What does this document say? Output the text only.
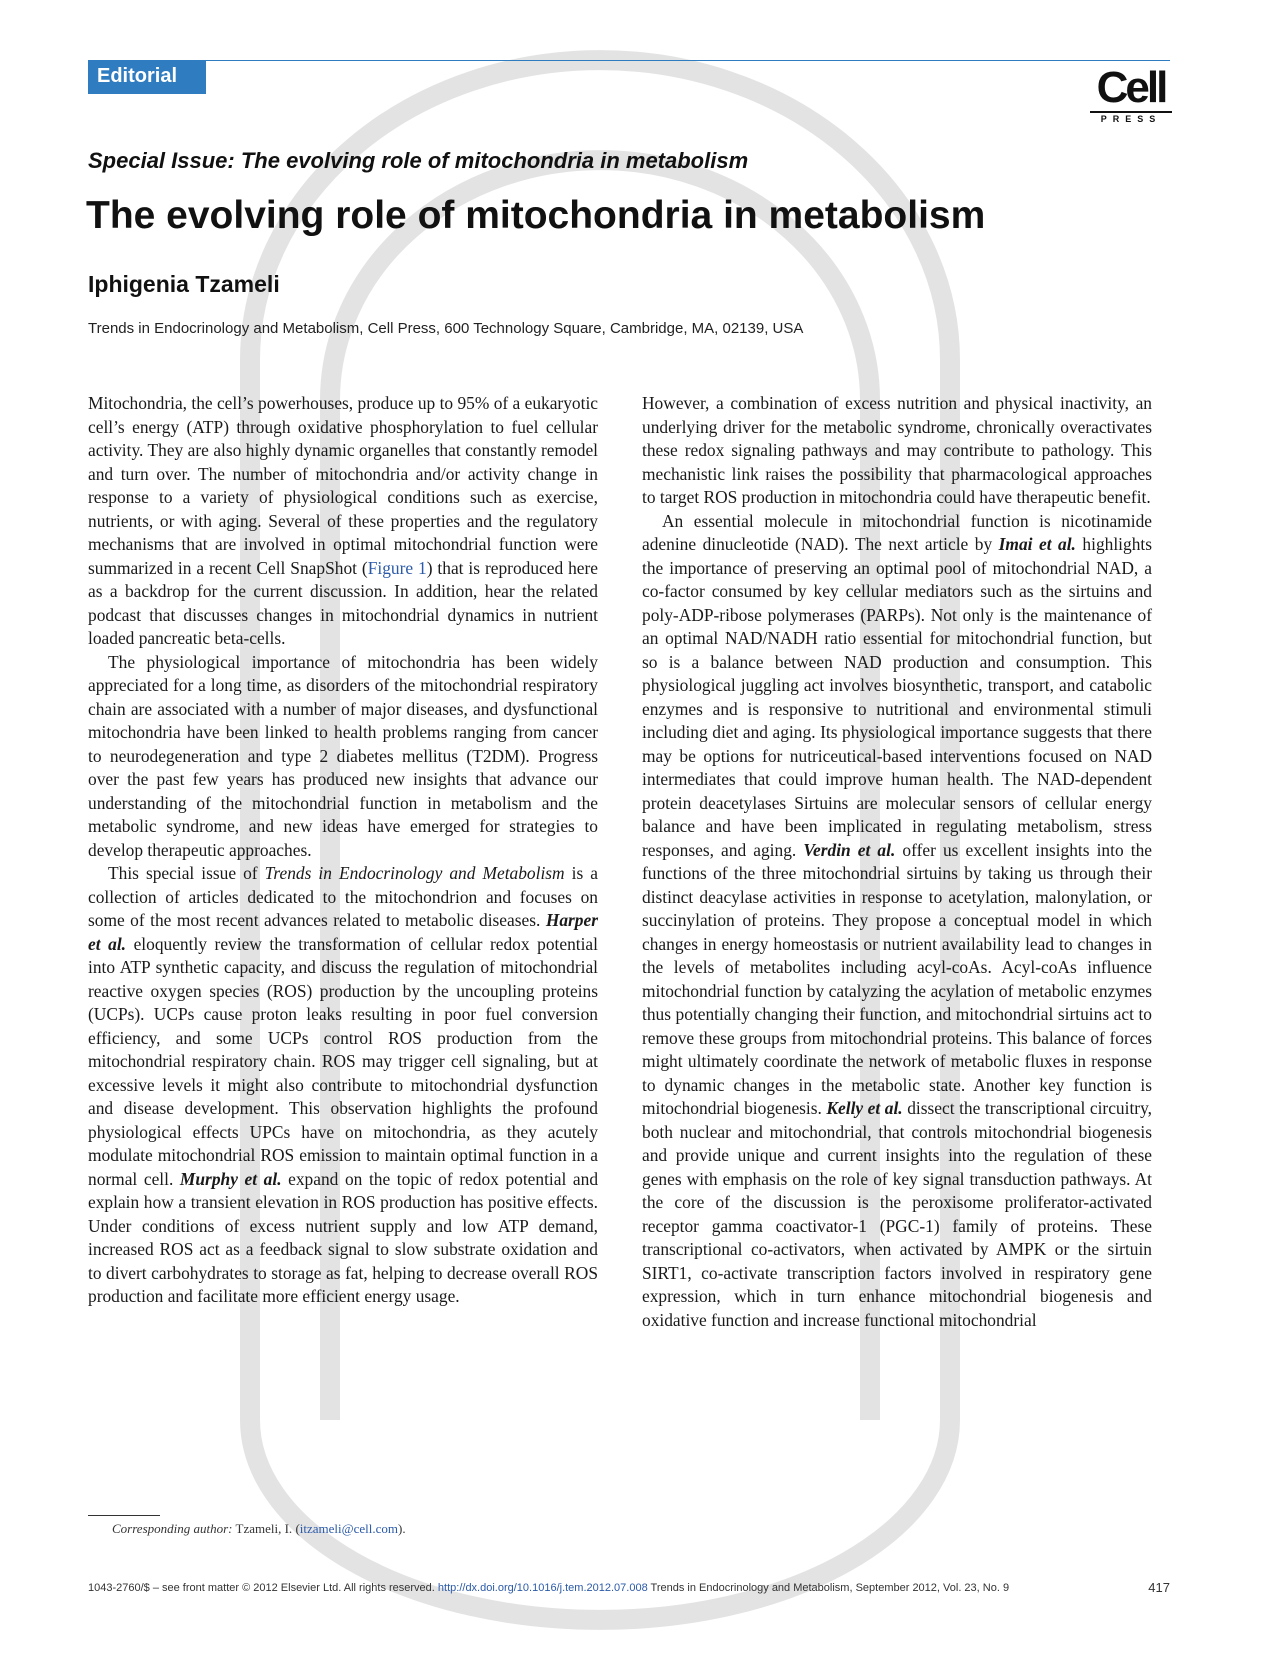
Editorial	Cell
PRESS
Special Issue: The evolving role of mitochondria in metabolism
The evolving role of mitochondria in metabolism
Iphigenia Tzameli
Trends in Endocrinology and Metabolism, Cell Press, 600 Technology Square, Cambridge, MA, 02139, USA

Mitochondria, the cell’s powerhouses, produce up to 95% of a eukaryotic cell’s energy (ATP) through oxidative phosphorylation to fuel cellular activity. They are also highly dynamic organelles that constantly remodel and turn over. The number of mitochondria and/or activity change in response to a variety of physiological conditions such as exercise, nutrients, or with aging. Several of these properties and the regulatory mechanisms that are involved in optimal mitochondrial function were summarized in a recent Cell SnapShot (Figure 1) that is reproduced here as a backdrop for the current discussion. In addition, hear the related podcast that discusses changes in mitochondrial dynamics in nutrient loaded pancreatic beta-cells.

The physiological importance of mitochondria has been widely appreciated for a long time, as disorders of the mitochondrial respiratory chain are associated with a number of major diseases, and dysfunctional mitochondria have been linked to health problems ranging from cancer to neurodegeneration and type 2 diabetes mellitus (T2DM). Progress over the past few years has produced new insights that advance our understanding of the mitochondrial function in metabolism and the metabolic syndrome, and new ideas have emerged for strategies to develop therapeutic approaches.

This special issue of Trends in Endocrinology and Metabolism is a collection of articles dedicated to the mitochondrion and focuses on some of the most recent advances related to metabolic diseases. Harper et al. eloquently review the transformation of cellular redox potential into ATP synthetic capacity, and discuss the regulation of mitochondrial reactive oxygen species (ROS) production by the uncoupling proteins (UCPs). UCPs cause proton leaks resulting in poor fuel conversion efficiency, and some UCPs control ROS production from the mitochondrial respiratory chain. ROS may trigger cell signaling, but at excessive levels it might also contribute to mitochondrial dysfunction and disease development. This observation highlights the profound physiological effects UPCs have on mitochondria, as they acutely modulate mitochondrial ROS emission to maintain optimal function in a normal cell. Murphy et al. expand on the topic of redox potential and explain how a transient elevation in ROS production has positive effects. Under conditions of excess nutrient supply and low ATP demand, increased ROS act as a feedback signal to slow substrate oxidation and to divert carbohydrates to storage as fat, helping to decrease overall ROS production and facilitate more efficient energy usage.

However, a combination of excess nutrition and physical inactivity, an underlying driver for the metabolic syndrome, chronically overactivates these redox signaling pathways and may contribute to pathology. This mechanistic link raises the possibility that pharmacological approaches to target ROS production in mitochondria could have therapeutic benefit.

An essential molecule in mitochondrial function is nicotinamide adenine dinucleotide (NAD). The next article by Imai et al. highlights the importance of preserving an optimal pool of mitochondrial NAD, a co-factor consumed by key cellular mediators such as the sirtuins and poly-ADP-ribose polymerases (PARPs). Not only is the maintenance of an optimal NAD/NADH ratio essential for mitochondrial function, but so is a balance between NAD production and consumption. This physiological juggling act involves biosynthetic, transport, and catabolic enzymes and is responsive to nutritional and environmental stimuli including diet and aging. Its physiological importance suggests that there may be options for nutriceutical-based interventions focused on NAD intermediates that could improve human health. The NAD-dependent protein deacetylases Sirtuins are molecular sensors of cellular energy balance and have been implicated in regulating metabolism, stress responses, and aging. Verdin et al. offer us excellent insights into the functions of the three mitochondrial sirtuins by taking us through their distinct deacylase activities in response to acetylation, malonylation, or succinylation of proteins. They propose a conceptual model in which changes in energy homeostasis or nutrient availability lead to changes in the levels of metabolites including acyl-coAs. Acyl-coAs influence mitochondrial function by catalyzing the acylation of metabolic enzymes thus potentially changing their function, and mitochondrial sirtuins act to remove these groups from mitochondrial proteins. This balance of forces might ultimately coordinate the network of metabolic fluxes in response to dynamic changes in the metabolic state. Another key function is mitochondrial biogenesis. Kelly et al. dissect the transcriptional circuitry, both nuclear and mitochondrial, that controls mitochondrial biogenesis and provide unique and current insights into the regulation of these genes with emphasis on the role of key signal transduction pathways. At the core of the discussion is the peroxisome proliferator-activated receptor gamma coactivator-1 (PGC-1) family of proteins. These transcriptional co-activators, when activated by AMPK or the sirtuin SIRT1, co-activate transcription factors involved in respiratory gene expression, which in turn enhance mitochondrial biogenesis and oxidative function and increase functional mitochondrial

Corresponding author: Tzameli, I. (itzameli@cell.com).
1043-2760/$ – see front matter © 2012 Elsevier Ltd. All rights reserved. http://dx.doi.org/10.1016/j.tem.2012.07.008 Trends in Endocrinology and Metabolism, September 2012, Vol. 23, No. 9	417
